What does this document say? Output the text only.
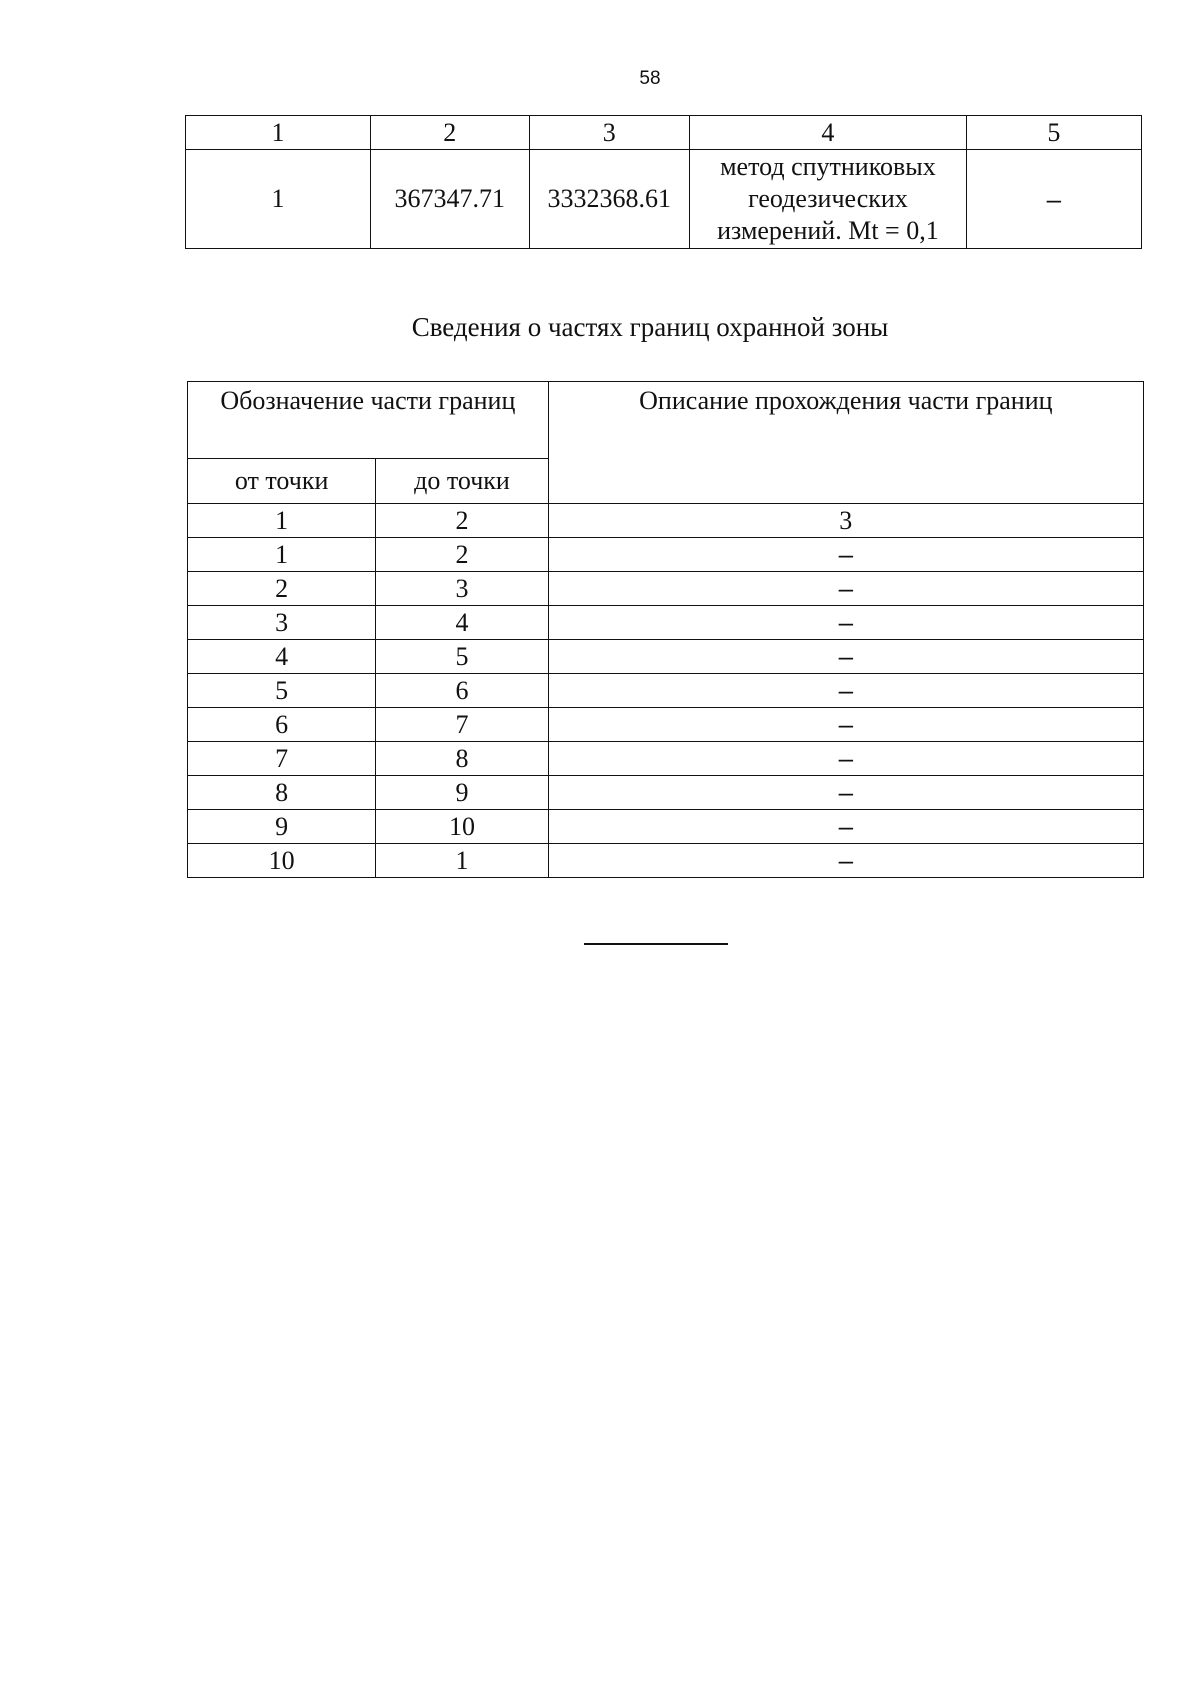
58
1	2	3	4	5
1	367347.71	3332368.61	метод спутниковых
геодезических
измерений. Mt = 0,1	–
Сведения о частях границ охранной зоны
Обозначение части границ		Описание прохождения части границ
от точки	до точки	
1	2	3
1	2	–
2	3	–
3	4	–
4	5	–
5	6	–
6	7	–
7	8	–
8	9	–
9	10	–
10	1	–
